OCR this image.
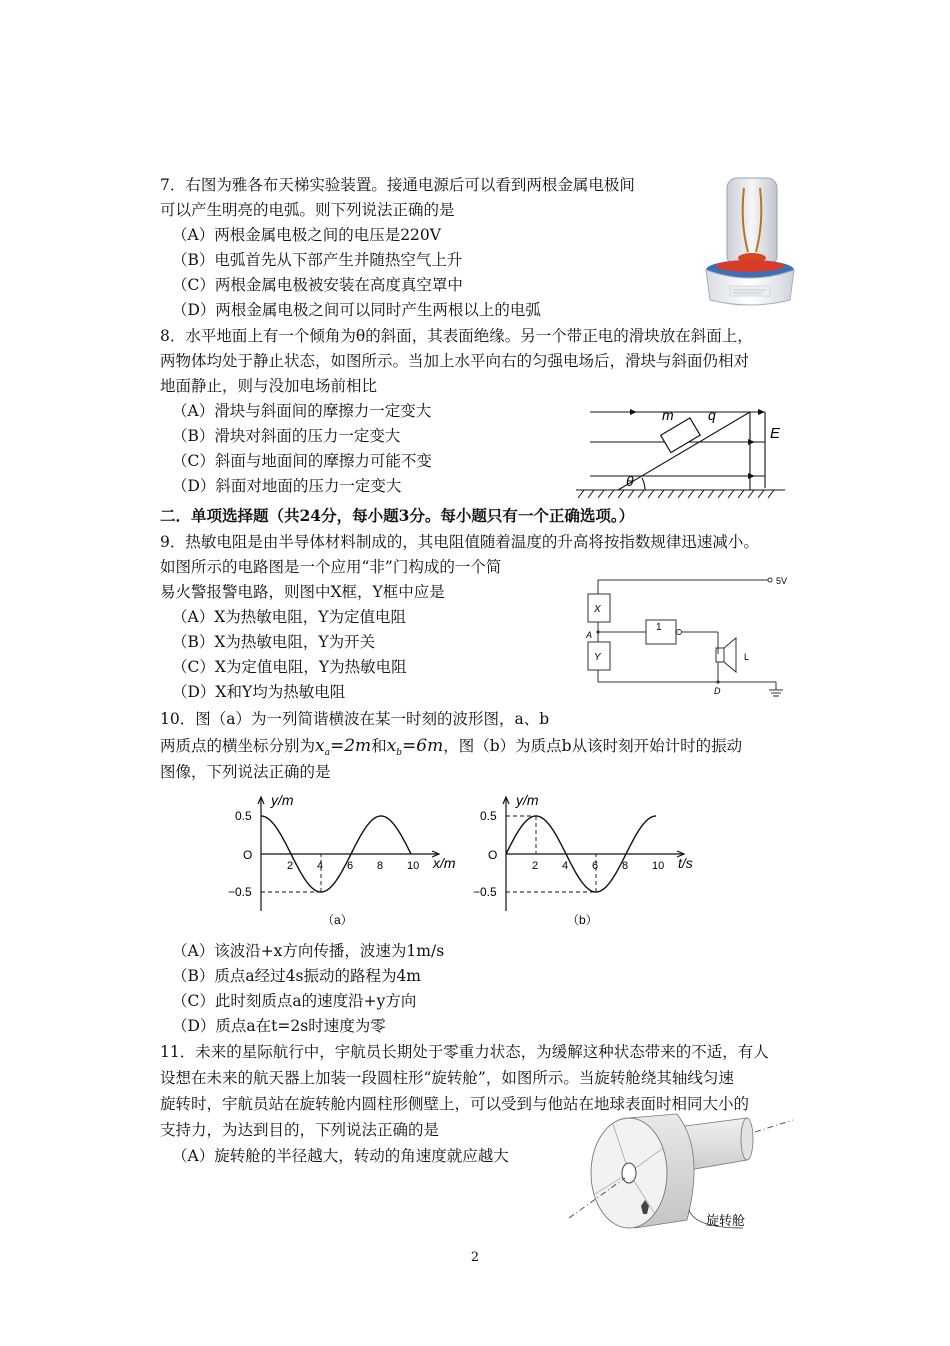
7．右图为雅各布天梯实验装置。接通电源后可以看到两根金属电极间
可以产生明亮的电弧。则下列说法正确的是
（A）两根金属电极之间的电压是220V
（B）电弧首先从下部产生并随热空气上升
（C）两根金属电极被安装在高度真空罩中
（D）两根金属电极之间可以同时产生两根以上的电弧
8．水平地面上有一个倾角为θ的斜面，其表面绝缘。另一个带正电的滑块放在斜面上，
两物体均处于静止状态，如图所示。当加上水平向右的匀强电场后，滑块与斜面仍相对
地面静止，则与没加电场前相比
（A）滑块与斜面间的摩擦力一定变大
（B）滑块对斜面的压力一定变大
（C）斜面与地面间的摩擦力可能不变
（D）斜面对地面的压力一定变大
m q
E
θ
二．单项选择题（共24分，每小题3分。每小题只有一个正确选项。）
9．热敏电阻是由半导体材料制成的，其电阻值随着温度的升高将按指数规律迅速减小。
如图所示的电路图是一个应用“非”门构成的一个简
易火警报警电路，则图中X框，Y框中应是
（A）X为热敏电阻，Y为定值电阻
（B）X为热敏电阻，Y为开关
（C）X为定值电阻，Y为热敏电阻
（D）X和Y均为热敏电阻
5V
X
Y
A
1
L
D
10．图（a）为一列简谐横波在某一时刻的波形图，a、b
两质点的横坐标分别为$x_a=2m$和$x_b=6m$，图（b）为质点b从该时刻开始计时的振动
图像，下列说法正确的是
y/m
x/m
O
0.5
−0.5
2 4 6 8 10
（a）
y/m
t/s
O
0.5
−0.5
2 4 6 8 10
（b）
（A）该波沿+x方向传播，波速为1m/s
（B）质点a经过4s振动的路程为4m
（C）此时刻质点a的速度沿+y方向
（D）质点a在t=2s时速度为零
11．未来的星际航行中，宇航员长期处于零重力状态，为缓解这种状态带来的不适，有人
设想在未来的航天器上加装一段圆柱形“旋转舱”，如图所示。当旋转舱绕其轴线匀速
旋转时，宇航员站在旋转舱内圆柱形侧壁上，可以受到与他站在地球表面时相同大小的
支持力，为达到目的，下列说法正确的是
（A）旋转舱的半径越大，转动的角速度就应越大
旋转舱
2
